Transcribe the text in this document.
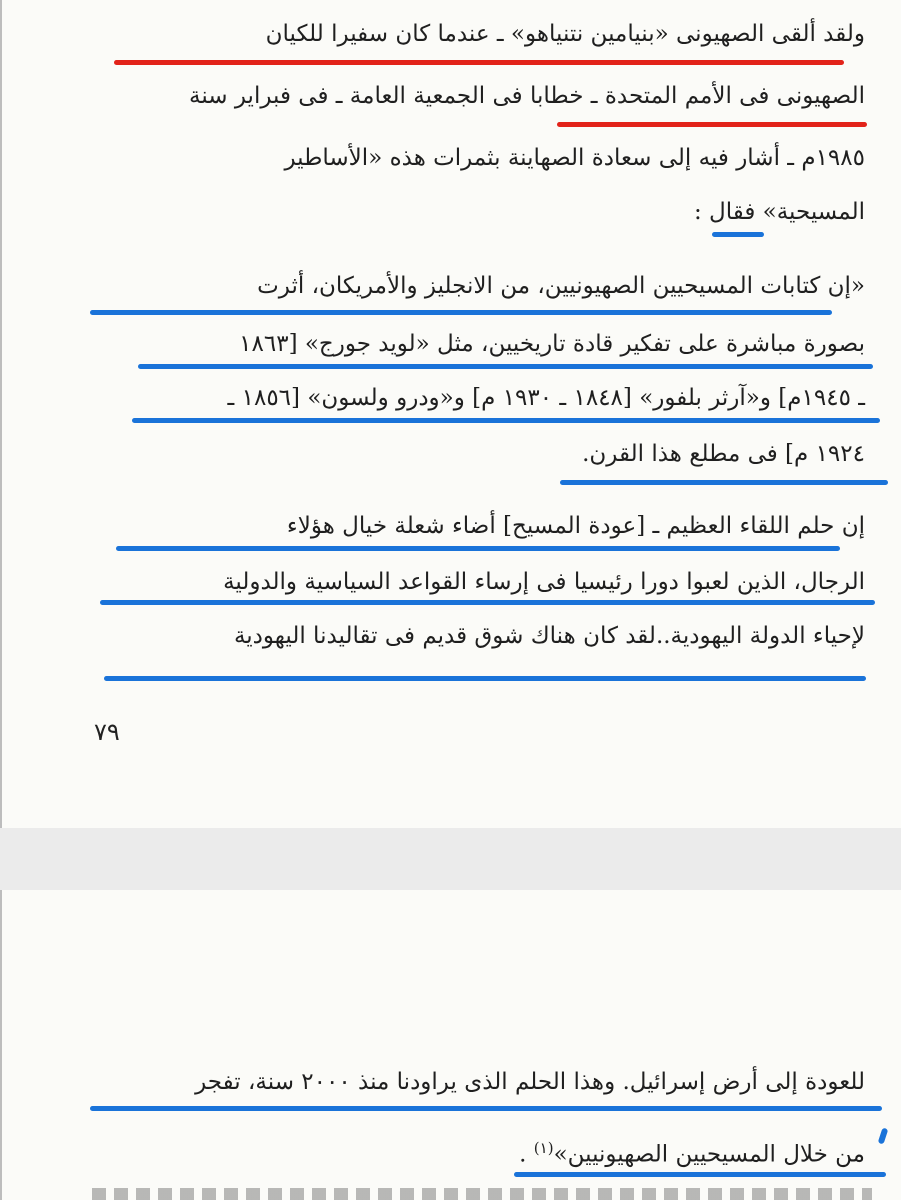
ولقد ألقى الصهيونى «بنيامين نتنياهو» ـ عندما كان سفيرا للكيان
الصهيونى فى الأمم المتحدة ـ خطابا فى الجمعية العامة ـ فى فبراير سنة
١٩٨٥م ـ أشار فيه إلى سعادة الصهاينة بثمرات هذه «الأساطير
المسيحية» فقال :
«إن كتابات المسيحيين الصهيونيين، من الانجليز والأمريكان، أثرت
بصورة مباشرة على تفكير قادة تاريخيين، مثل «لويد جورج» [١٨٦٣
ـ ١٩٤٥م] و«آرثر بلفور» [١٨٤٨ ـ ١٩٣٠ م] و«ودرو ولسون» [١٨٥٦ ـ
١٩٢٤ م] فى مطلع هذا القرن.
إن حلم اللقاء العظيم ـ [عودة المسيح] أضاء شعلة خيال هؤلاء
الرجال، الذين لعبوا دورا رئيسيا فى إرساء القواعد السياسية والدولية
لإحياء الدولة اليهودية..لقد كان هناك شوق قديم فى تقاليدنا اليهودية
٧٩
للعودة إلى أرض إسرائيل. وهذا الحلم الذى يراودنا منذ ٢٠٠٠ سنة، تفجر
من خلال المسيحيين الصهيونيين»$^{(١)}$ .
